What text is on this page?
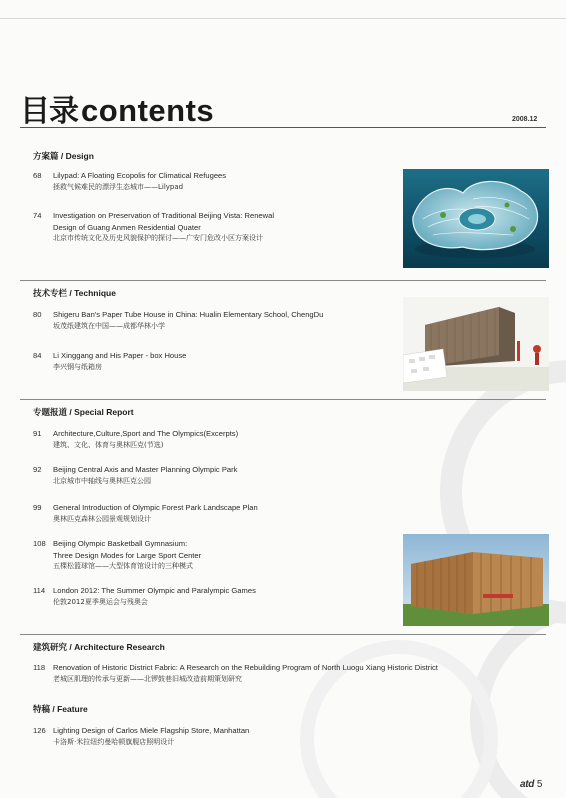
目录contents	2008.12
方案篇 / Design
68	Lilypad: A Floating Ecopolis for Climatical Refugees
拯救气候难民的漂浮生态城市——Lilypad
74	Investigation on Preservation of Traditional Beijing Vista: Renewal
Design of Guang Anmen Residential Quater
北京市传统文化及历史风貌保护的探讨——广安门危改小区方案设计
技术专栏 / Technique
80	Shigeru Ban's Paper Tube House in China: Hualin Elementary School, ChengDu
坂茂纸建筑在中国——成都华林小学
84	Li Xinggang and His Paper - box House
李兴钢与纸箱房
专题报道 / Special Report
91	Architecture,Culture,Sport and The Olympics(Excerpts)
建筑、文化、体育与奥林匹克(节选)
92	Beijing Central Axis and Master Planning Olympic Park
北京城市中轴线与奥林匹克公园
99	General Introduction of Olympic Forest Park Landscape Plan
奥林匹克森林公园景观规划设计
108 Beijing Olympic Basketball Gymnasium:
Three Design Modes for Large Sport Center
五棵松篮球馆——大型体育馆设计的三种模式
114	London 2012: The Summer Olympic and Paralympic Games
伦敦2012夏季奥运会与残奥会
建筑研究 / Architecture Research
118	Renovation of Historic District Fabric: A Research on the Rebuilding Program of North Luogu Xiang Historic District
老城区肌理的传承与更新——北锣鼓巷旧城改造前期策划研究
特稿 / Feature
126 Lighting Design of Carlos Miele Flagship Store, Manhattan
卡洛斯·米拉纽约曼哈顿旗舰店照明设计
atd 5
